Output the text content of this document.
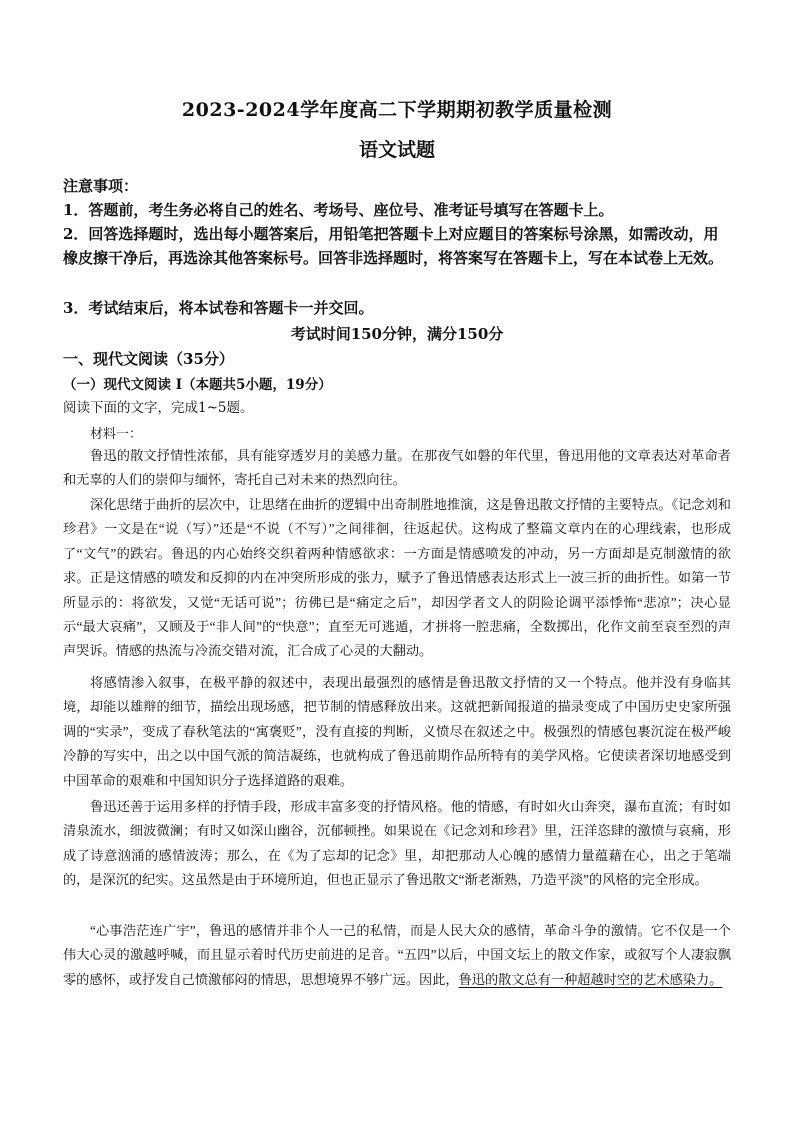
2023-2024学年度高二下学期期初教学质量检测
语文试题
注意事项：
1．答题前，考生务必将自己的姓名、考场号、座位号、准考证号填写在答题卡上。
2．回答选择题时，选出每小题答案后，用铅笔把答题卡上对应题目的答案标号涂黑，如需改动，用橡皮擦干净后，再选涂其他答案标号。回答非选择题时，将答案写在答题卡上，写在本试卷上无效。
3．考试结束后，将本试卷和答题卡一并交回。
考试时间150分钟，满分150分
一、现代文阅读（35分）
（一）现代文阅读 I（本题共5小题，19分）
阅读下面的文字，完成1~5题。
材料一：
鲁迅的散文抒情性浓郁，具有能穿透岁月的美感力量。在那夜气如磐的年代里，鲁迅用他的文章表达对革命者和无辜的人们的崇仰与缅怀，寄托自己对未来的热烈向往。
深化思绪于曲折的层次中，让思绪在曲折的逻辑中出奇制胜地推演，这是鲁迅散文抒情的主要特点。《记念刘和珍君》一文是在“说（写）”还是“不说（不写）”之间徘徊，往返起伏。这构成了整篇文章内在的心理线索，也形成了“文气”的跌宕。鲁迅的内心始终交织着两种情感欲求：一方面是情感喷发的冲动，另一方面却是克制激情的欲求。正是这情感的喷发和反抑的内在冲突所形成的张力，赋予了鲁迅情感表达形式上一波三折的曲折性。如第一节所显示的：将欲发，又觉“无话可说”；彷佛已是“痛定之后”，却因学者文人的阴险论调平添悸怖“悲凉”；决心显示“最大哀痛”，又顾及于“非人间”的“快意”；直至无可逃遁，才拼将一腔悲痛，全数掷出，化作文前至哀至烈的声声哭诉。情感的热流与冷流交错对流，汇合成了心灵的大翻动。
将感情渗入叙事，在极平静的叙述中，表现出最强烈的感情是鲁迅散文抒情的又一个特点。他并没有身临其境，却能以雄辩的细节，描绘出现场感，把节制的情感释放出来。这就把新闻报道的描录变成了中国历史史家所强调的“实录”，变成了春秋笔法的“寓褒贬”，没有直接的判断，义愤尽在叙述之中。极强烈的情感包裹沉淀在极严峻冷静的写实中，出之以中国气派的简洁凝练，也就构成了鲁迅前期作品所特有的美学风格。它使读者深切地感受到中国革命的艰难和中国知识分子选择道路的艰难。
鲁迅还善于运用多样的抒情手段，形成丰富多变的抒情风格。他的情感，有时如火山奔突，瀑布直流；有时如清泉流水，细波微澜；有时又如深山幽谷，沉郁顿挫。如果说在《记念刘和珍君》里，汪洋恣肆的激愤与哀痛，形成了诗意汹涌的感情波涛；那么，在《为了忘却的记念》里，却把那动人心魄的感情力量蕴藉在心，出之于笔端的，是深沉的纪实。这虽然是由于环境所迫，但也正显示了鲁迅散文“渐老渐熟，乃造平淡”的风格的完全形成。
“心事浩茫连广宇”，鲁迅的感情并非个人一己的私情，而是人民大众的感情，革命斗争的激情。它不仅是一个伟大心灵的激越呼喊，而且显示着时代历史前进的足音。“五四”以后，中国文坛上的散文作家，或叙写个人凄寂飘零的感怀，或抒发自己愤激郁闷的情思，思想境界不够广远。因此，鲁迅的散文总有一种超越时空的艺术感染力。
